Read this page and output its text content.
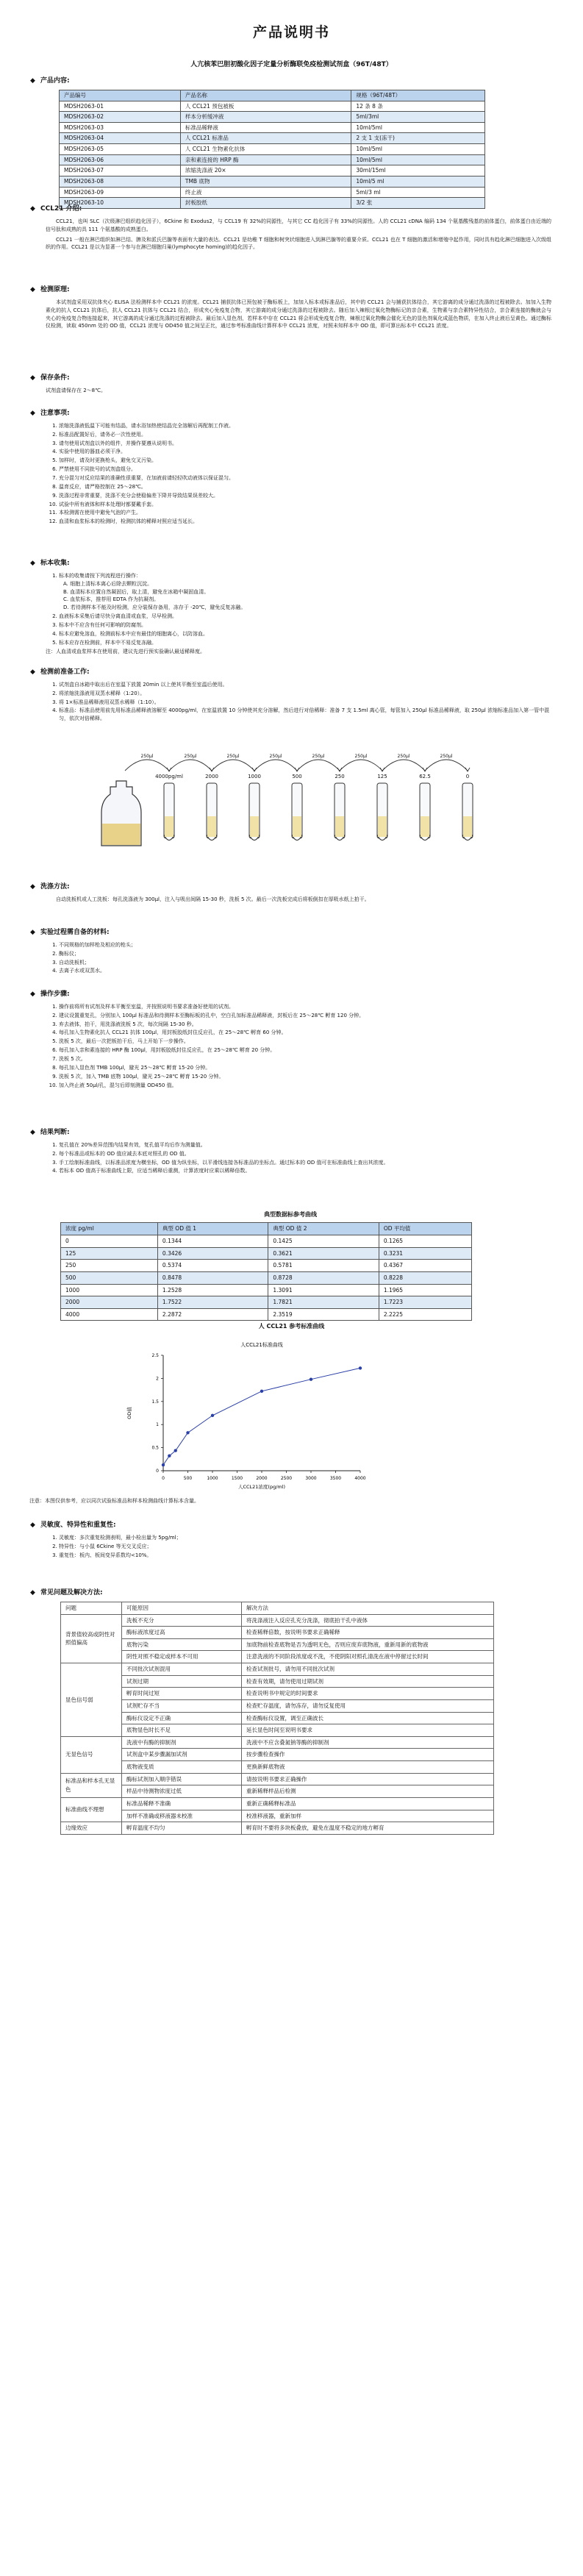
产品说明书
人亢核苯巴胆初酸化因子定量分析酶联免疫检测试剂盒（96T/48T）
◆ 产品内容:
产品编号	产品名称	规格（96T/48T）
MDSH2063-01	人 CCL21 预包被板	12 条 8 条
MDSH2063-02	样本分析缓冲液	5ml/3ml
MDSH2063-03	标准品稀释液	10ml/5ml
MDSH2063-04	人 CCL21 标准品	2 支 1 支(冻干)
MDSH2063-05	人 CCL21 生物素化抗体	10ml/5ml
MDSH2063-06	亲和素连接的 HRP 酶	10ml/5ml
MDSH2063-07	浓缩洗涤液 20×	30ml/15ml
MDSH2063-08	TMB 底物	10ml/5 ml
MDSH2063-09	终止液	5ml/3 ml
MDSH2063-10	封板胶纸	3/2 张
◆ CCL21 介绍:

CCL21，也叫 SLC（次级淋巴组织趋化因子），6Ckine 和 Exodus2，与 CCL19 有 32%的同源性，与其它 CC 趋化因子有 33%的同源性。人的 CCL21 cDNA 编码 134 个氨基酸残基的前体蛋白，前体蛋白由近端的信号肽和成熟的具 111 个氨基酸的成熟蛋白。

CCL21 一般在淋巴组织如淋巴结、脾及和派氏巴腺等表面有大量的表达。CCL21 是幼稚 T 细胞和树突状细胞进入到淋巴腺等的重要介质。CCL21 也在 T 细胞的激活和增殖中起作用，同时具有趋化淋巴细胞进入次级组织的作用。CCL21 是以为显著一个参与在淋巴细胞归巢(lymphocyte homing)的趋化因子。

◆ 检测原理:

本试剂盒采用双抗体夹心 ELISA 法检测样本中 CCL21 的浓度。CCL21 捕获抗体已预包被于酶标板上，加加入标本或标准品后，其中的 CCL21 会与捕获抗体结合，其它游离的成分通过洗涤的过程被除去。加加入生物素化的抗人 CCL21 抗体后，抗人 CCL21 抗体与 CCL21 结合，形成夹心免疫复合物，其它游离的成分通过洗涤的过程被除去。随后加入辣根过氧化物酶标记的亲合素，生物素与亲合素特异性结合，亲合素连接的酶就会与夹心的免疫复合物连接起来，其它游离的成分通过洗涤的过程被除去。最后加入显色剂，若样本中存在 CCL21 将会形成免疫复合物，辣根过氧化物酶会催化无色的显色剂氧化成蓝色物质，在加入终止液后呈黄色。通过酶标仪检测，读取 450nm 处的 OD 值，CCL21 浓度与 OD450 值之间呈正比，通过参考标准曲线计算样本中 CCL21 浓度，对照未知样本中 OD 值，即可算出标本中 CCL21 浓度。

◆ 保存条件:

试剂盒请保存在 2～8℃。

◆ 注意事项:
1. 浓缩洗涤液低温下可能有结晶，请水浴加热使结晶完全溶解后再配制工作液。
2. 标准品配置好后，请务必一次性使用。
3. 请勿使用试剂盒以外的组件，并操作要遵从说明书。
4. 实验中使用的器皿必须干净。
5. 加样时，请及时更换枪头，避免交叉污染。
6. 严禁使用不同批号的试剂盒组分。
7. 充分混匀对反应结果的准确性很重要，在加液前请轻轻吹动液体以保证混匀。
8. 温育反应，请严格控制在 25～28℃。
9. 洗涤过程非常重要，洗涤不充分会使稳偏差下降并导致结果误差较大。
10. 试验中所有液体和样本处理时都要戴手套。
11. 本检测需在使用中避免气泡的产生。
12. 血清和血浆标本的检测时，检测抗体的稀释对照应适当延长。
◆ 标本收集:
1. 标本的收集请按下列流程进行操作：
A. 细胞上清标本离心后除去颗粒沉淀。
B. 血清标本应置自然凝固后，取上清，避免在冰箱中凝固血清。
C. 血浆标本，推荐用 EDTA 作为抗凝剂。
D. 若待测样本不能及时检测，应分装保存备用，冻存于 -20℃，避免反复冻融。
2. 血液标本采集后请尽快分离血清或血浆，尽早检测。
3. 标本中不应含有任何可影响的防腐剂。
4. 标本应避免溶血，检测前标本中应有最佳的细胞离心，以防溶血。
5. 标本应存在检测前，样本中不易反复冻融。
注：人血清或血浆样本在使用前，建议先进行预实验确认最适稀释度。
◆ 检测前准备工作:
1. 试剂盒自冰箱中取出后在室温下放置 20min 以上使其平衡至室温后使用。
2. 将浓缩洗涤液用双蒸水稀释（1:20）。
3. 将 1×标准品稀释液用双蒸水稀释（1:10）。
4. 标准品：标准品使用前先用标准品稀释液溶解至 4000pg/ml，在室温放置 10 分钟使其充分溶解，然后进行对倍稀释：准备 7 支 1.5ml 离心管，每管加入 250μl 标准品稀释液，取 250μl 浓缩标准品加入第一管中混匀，依次对倍稀释。
4000pg/ml
250μl
2000
250μl
1000
250μl
500
250μl
250
250μl
125
250μl
62.5
250μl
0
250μl
◆ 洗涤方法:

自动洗板机或人工洗板：每孔洗涤液为 300μl，注入与吸出间隔 15-30 秒，洗板 5 次。最后一次洗板完成后将板倒扣在厚吸水纸上拍干。

◆ 实验过程需自备的材料:
1. 不同规格的加样枪及相应的枪头；
2. 酶标仪；
3. 自动洗板机；
4. 去离子水或双蒸水。
◆ 操作步骤:
1. 操作前将所有试剂及样本平衡至室温，并按照说明书要求准备好使用的试剂。
2. 建议设置重复孔，分别加入 100μl 标准品和待测样本至酶标板的孔中，空白孔加标准品稀释液，封板后在 25～28℃ 孵育 120 分钟。
3. 弃去液体，拍干，用洗涤液洗板 5 次，每次间隔 15-30 秒。
4. 每孔加入生物素化抗人 CCL21 抗体 100μl，用封板胶纸封住反应孔，在 25～28℃ 孵育 60 分钟。
5. 洗板 5 次，最后一次把板拍干后，马上开始下一步操作。
6. 每孔加入亲和素连接的 HRP 酶 100μl，用封板胶纸封住反应孔，在 25～28℃ 孵育 20 分钟。
7. 洗板 5 次。
8. 每孔加入显色剂 TMB 100μl，避光 25～28℃ 孵育 15-20 分钟。
9. 洗板 5 次，加入 TMB 底物 100μl，避光 25～28℃ 孵育 15-20 分钟。
10. 加入终止液 50μl/孔，混匀后即刻测量 OD450 值。
◆ 结果判断:
1. 复孔值在 20%差异范围内结果有效，复孔值平均后作为测量值。
2. 每个标准品或标本的 OD 值应减去本底对照孔的 OD 值。
3. 手工绘制标准曲线，以标准品浓度为横坐标，OD 值为纵坐标，以平滑线连接各标准品的坐标点。通过标本的 OD 值可在标准曲线上查出其浓度。
4. 若标本 OD 值高于标准曲线上限，应适当稀释后重测，计算浓度时应乘以稀释倍数。
典型数据标参考曲线
浓度 pg/ml	典型 OD 值 1	典型 OD 值 2	OD 平均值
0	0.1344	0.1425	0.1265
125	0.3426	0.3621	0.3231
250	0.5374	0.5781	0.4367
500	0.8478	0.8728	0.8228
1000	1.2528	1.3091	1.1965
2000	1.7522	1.7821	1.7223
4000	2.2872	2.3519	2.2225
人 CCL21 参考标准曲线
人CCL21标准曲线
0	500	1000	1500	2000	2500	3000	3500	4000
0
0.5
1
1.5
2
2.5
人CCL21浓度(pg/ml)
OD值

注意：本图仅供参考，应以同次试验标准品和样本检测曲线计算标本含量。

◆ 灵敏度、特异性和重复性:
1. 灵敏度：多次重复检测表明，最小检出量为 5pg/ml；
2. 特异性：与小鼠 6Ckine 等无交叉反应；
3. 重复性：板内、板间变异系数均<10%。
◆ 常见问题及解决方法:
问题	可能原因	解决方法
背景值较高或阴性对照值偏高	洗板不充分	将洗涤液注入反应孔充分洗涤，彻底拍干孔中液体
	酶标液浓度过高	检查稀释倍数，按说明书要求正确稀释
	底物污染	加底物前检查底物是否为透明无色，否则应废弃底物液，重新用新的底物液
	阴性对照不稳定或样本不可用	注意洗液的不同阶段浓度或不洗，不使阴阳对照孔清洗在液中停留过长时间
显色信号弱	不同批次试剂混用	检查试剂批号，请勿用不同批次试剂
	试剂过期	检查有效期，请勿使用过期试剂
	孵育时间过短	检查说明书中规定的时间要求
	试剂贮存不当	检查贮存温度，请勿冻存，请勿反复使用
	酶标仪设定不正确	检查酶标仪设置，调至正确波长
	底物显色时长不足	延长显色时间至说明书要求
无显色信号	洗液中有酶的抑制剂	洗液中不应含叠氮钠等酶的抑制剂
	试剂盒中某步骤漏加试剂	按步骤检查操作
	底物液变质	更换新鲜底物液
标准品和样本孔无显色	酶标试剂加入顺序错误	请按说明书要求正确操作
	样品中待测物浓度过低	重新稀释样品后检测
标准曲线不理想	标准品稀释不准确	重新正确稀释标准品
	加样不准确或移液器未校准	校准移液器，重新加样
边缘效应	孵育温度不均匀	孵育时不要将多块板叠放，避免在温度不稳定的地方孵育
